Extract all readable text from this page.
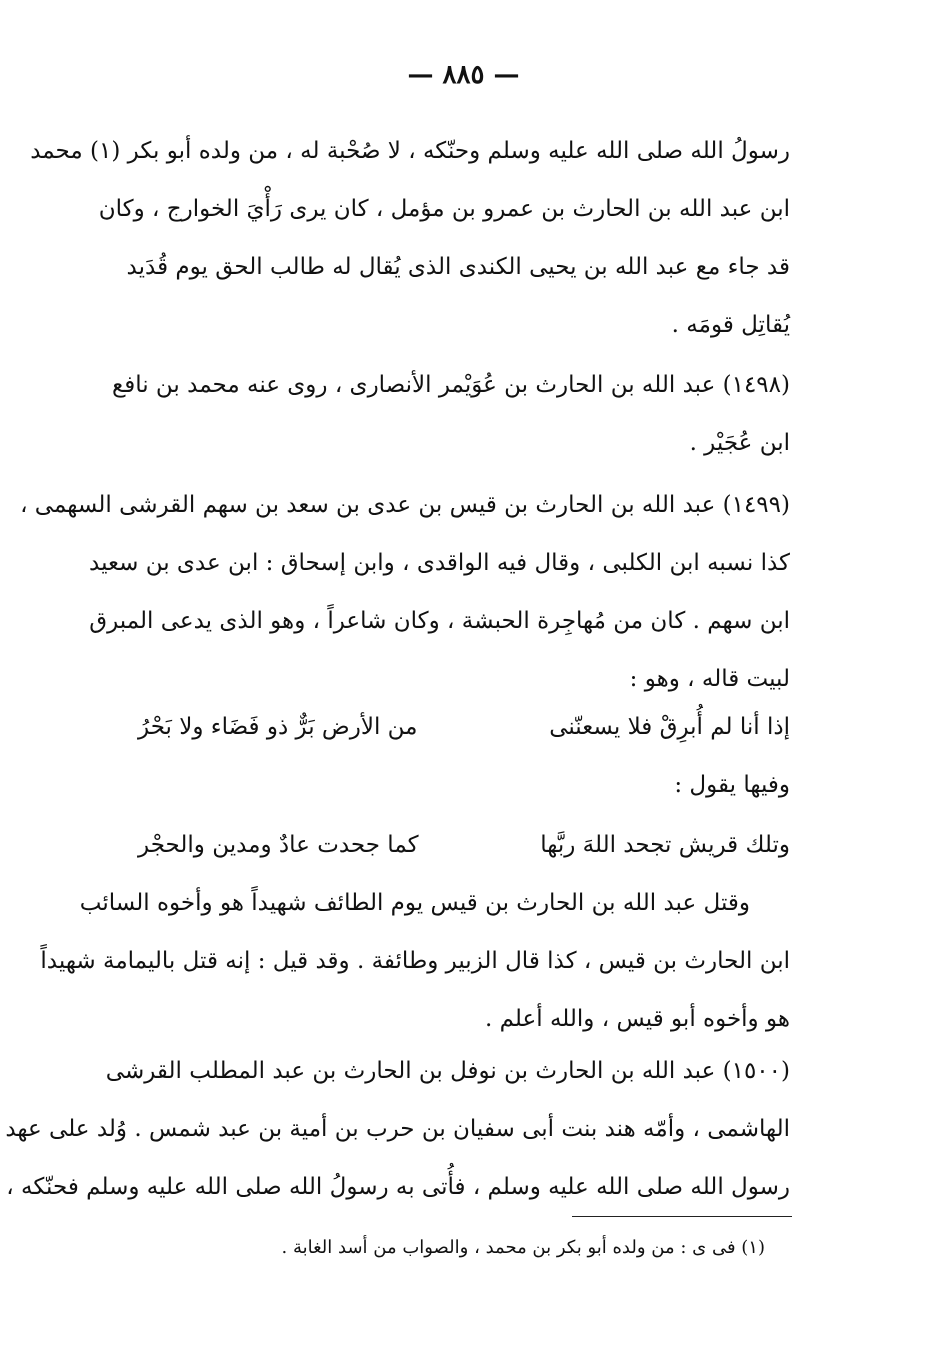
— ٨٨٥ —
رسولُ الله صلى الله عليه وسلم وحنّكه ، لا صُحْبة له ، من ولده أبو بكر (١) محمد
ابن عبد الله بن الحارث بن عمرو بن مؤمل ، كان يرى رَأْيَ الخوارج ، وكان
قد جاء مع عبد الله بن يحيى الكندى الذى يُقال له طالب الحق يوم قُدَيد
يُقاتِل قومَه .
(١٤٩٨) عبد الله بن الحارث بن عُوَيْمر الأنصارى ، روى عنه محمد بن نافع
ابن عُجَيْر .
(١٤٩٩) عبد الله بن الحارث بن قيس بن عدى بن سعد بن سهم القرشى السهمى ،
كذا نسبه ابن الكلبى ، وقال فيه الواقدى ، وابن إسحاق : ابن عدى بن سعيد
ابن سهم . كان من مُهاجِرة الحبشة ، وكان شاعراً ، وهو الذى يدعى المبرق
لبيت قاله ، وهو :
إذا أنا لم أُبرِقْ فلا يسعنّنى
من الأرض بَرٌّ ذو فَضَاء ولا بَحْرُ
وفيها يقول :
وتلك قريش تجحد اللهَ ربَّها
كما جحدت عادٌ ومدين والحجْر
وقتل عبد الله بن الحارث بن قيس يوم الطائف شهيداً هو وأخوه السائب
ابن الحارث بن قيس ، كذا قال الزبير وطائفة . وقد قيل : إنه قتل باليمامة شهيداً
هو وأخوه أبو قيس ، والله أعلم .
(١٥٠٠) عبد الله بن الحارث بن نوفل بن الحارث بن عبد المطلب القرشى
الهاشمى ، وأمّه هند بنت أبى سفيان بن حرب بن أمية بن عبد شمس . وُلد على عهد
رسول الله صلى الله عليه وسلم ، فأُتى به رسولُ الله صلى الله عليه وسلم فحنّكه ،
(١) فى ى : من ولده أبو بكر بن محمد ، والصواب من أسد الغابة .
